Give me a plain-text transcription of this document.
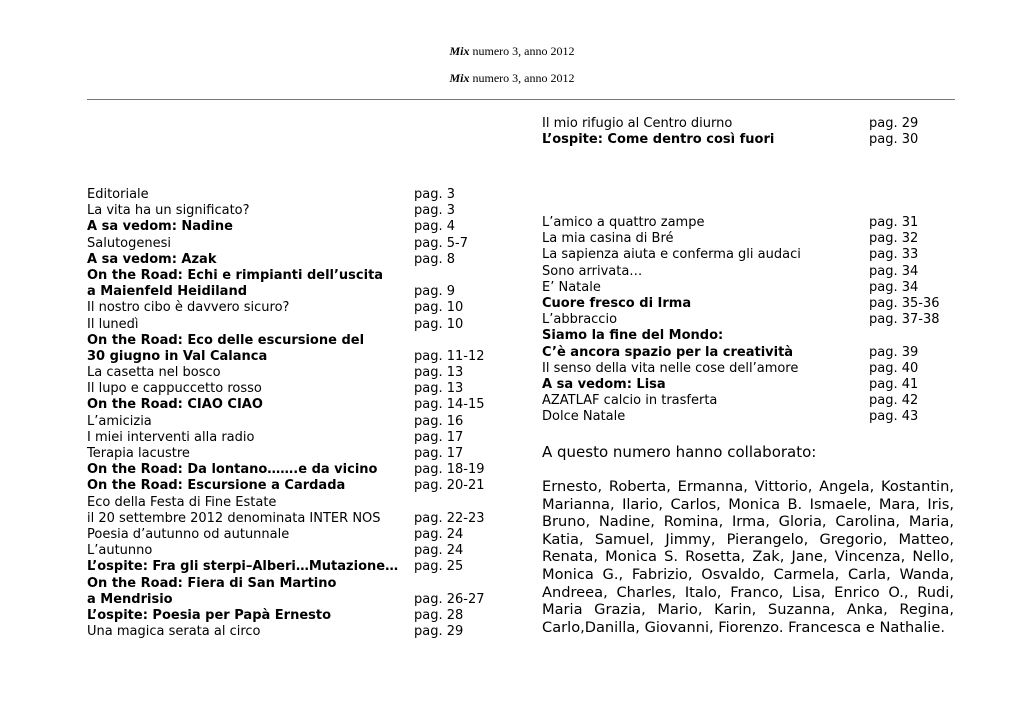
Mix numero 3, anno 2012
Mix numero 3, anno 2012
Editoriale	pag. 3
La vita ha un significato?	pag. 3
A sa vedom: Nadine	pag. 4
Salutogenesi	pag. 5-7
A sa vedom: Azak	pag. 8
On the Road: Echi e rimpianti dell’uscita
a Maienfeld Heidiland	pag. 9
Il nostro cibo è davvero sicuro?	pag. 10
Il lunedì	pag. 10
On the Road: Eco delle escursione del
30 giugno in Val Calanca	pag. 11-12
La casetta nel bosco	pag. 13
Il lupo e cappuccetto rosso	pag. 13
On the Road: CIAO CIAO	pag. 14-15
L’amicizia	pag. 16
I miei interventi alla radio	pag. 17
Terapia lacustre	pag. 17
On the Road: Da lontano…….e da vicino	pag. 18-19
On the Road: Escursione a Cardada	pag. 20-21
Eco della Festa di Fine Estate
il 20 settembre 2012 denominata INTER NOS	pag. 22-23
Poesia d’autunno od autunnale	pag. 24
L’autunno	pag. 24
L’ospite: Fra gli sterpi–Alberi…Mutazione… pag. 25
On the Road: Fiera di San Martino
a Mendrisio	pag. 26-27
L’ospite: Poesia per Papà Ernesto	pag. 28
Una magica serata al circo	pag. 29
Il mio rifugio al Centro diurno	pag. 29
L’ospite: Come dentro così fuori	pag. 30
L’amico a quattro zampe	pag. 31
La mia casina di Bré	pag. 32
La sapienza aiuta e conferma gli audaci	pag. 33
Sono arrivata…	pag. 34
E’ Natale	pag. 34
Cuore fresco di Irma	pag. 35-36
L’abbraccio	pag. 37-38
Siamo la fine del Mondo:
C’è ancora spazio per la creatività	pag. 39
Il senso della vita nelle cose dell’amore	pag. 40
A sa vedom: Lisa	pag. 41
AZATLAF calcio in trasferta	pag. 42
Dolce Natale	pag. 43
A questo numero hanno collaborato:
Ernesto, Roberta, Ermanna, Vittorio, Angela, Kostantin, Marianna, Ilario, Carlos, Monica B. Ismaele, Mara, Iris, Bruno, Nadine, Romina, Irma, Gloria, Carolina, Maria, Katia, Samuel, Jimmy, Pierangelo, Gregorio, Matteo, Renata, Monica S. Rosetta, Zak, Jane, Vincenza, Nello, Monica G., Fabrizio, Osvaldo, Carmela, Carla, Wanda, Andreea, Charles, Italo, Franco, Lisa, Enrico O., Rudi, Maria Grazia, Mario, Karin, Suzanna, Anka, Regina, Carlo,Danilla, Giovanni, Fiorenzo. Francesca e Nathalie.
